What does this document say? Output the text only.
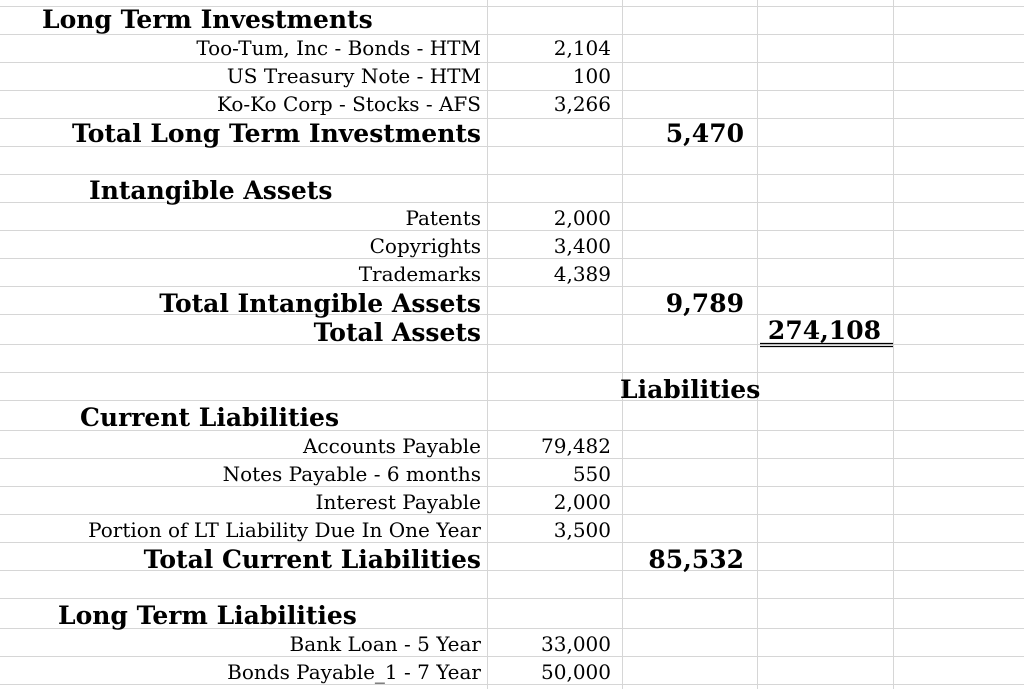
Long Term Investments
Too-Tum, Inc - Bonds - HTM	2,104
US Treasury Note - HTM	100
Ko-Ko Corp - Stocks - AFS	3,266
Total Long Term Investments	5,470
Intangible Assets
Patents	2,000
Copyrights	3,400
Trademarks	4,389
Total Intangible Assets	9,789
Total Assets	274,108
Liabilities
Current Liabilities
Accounts Payable	79,482
Notes Payable - 6 months	550
Interest Payable	2,000
Portion of LT Liability Due In One Year	3,500
Total Current Liabilities	85,532
Long Term Liabilities
Bank Loan - 5 Year	33,000
Bonds Payable_1 - 7 Year	50,000
